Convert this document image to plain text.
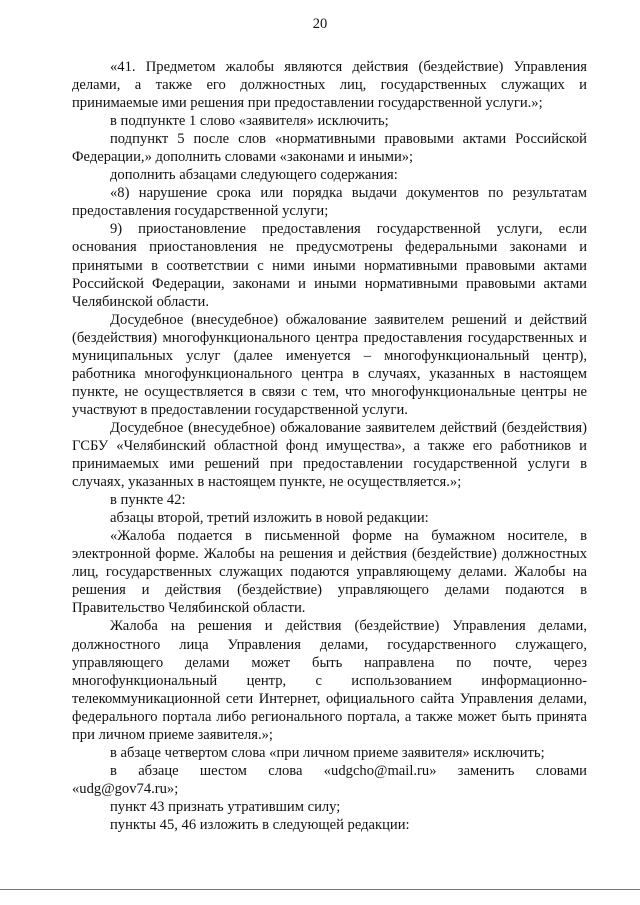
20

«41. Предметом жалобы являются действия (бездействие) Управления делами, а также его должностных лиц, государственных служащих и принимаемые ими решения при предоставлении государственной услуги.»;

в подпункте 1 слово «заявителя» исключить;

подпункт 5 после слов «нормативными правовыми актами Российской Федерации,» дополнить словами «законами и иными»;

дополнить абзацами следующего содержания:

«8) нарушение срока или порядка выдачи документов по результатам предоставления государственной услуги;

9) приостановление предоставления государственной услуги, если основания приостановления не предусмотрены федеральными законами и принятыми в соответствии с ними иными нормативными правовыми актами Российской Федерации, законами и иными нормативными правовыми актами Челябинской области.

Досудебное (внесудебное) обжалование заявителем решений и действий (бездействия) многофункционального центра предоставления государственных и муниципальных услуг (далее именуется – многофункциональный центр), работника многофункционального центра в случаях, указанных в настоящем пункте, не осуществляется в связи с тем, что многофункциональные центры не участвуют в предоставлении государственной услуги.

Досудебное (внесудебное) обжалование заявителем действий (бездействия) ГСБУ «Челябинский областной фонд имущества», а также его работников и принимаемых ими решений при предоставлении государственной услуги в случаях, указанных в настоящем пункте, не осуществляется.»;

в пункте 42:

абзацы второй, третий изложить в новой редакции:

«Жалоба подается в письменной форме на бумажном носителе, в электронной форме. Жалобы на решения и действия (бездействие) должностных лиц, государственных служащих подаются управляющему делами. Жалобы на решения и действия (бездействие) управляющего делами подаются в Правительство Челябинской области.

Жалоба на решения и действия (бездействие) Управления делами, должностного лица Управления делами, государственного служащего, управляющего делами может быть направлена по почте, через многофункциональный центр, с использованием информационно-телекоммуникационной сети Интернет, официального сайта Управления делами, федерального портала либо регионального портала, а также может быть принята при личном приеме заявителя.»;

в абзаце четвертом слова «при личном приеме заявителя» исключить;

в абзаце шестом слова «udgcho@mail.ru» заменить словами «udg@gov74.ru»;

пункт 43 признать утратившим силу;

пункты 45, 46 изложить в следующей редакции:
